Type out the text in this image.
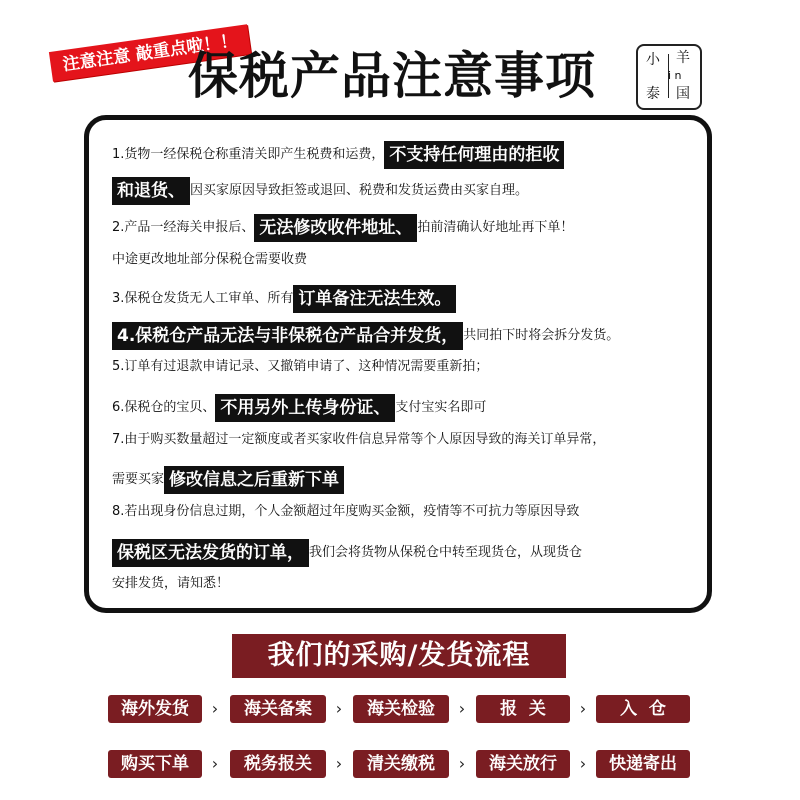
注意注意 敲重点啦！！
保税产品注意事项	小 羊
i n
泰 国
1.货物一经保税仓称重清关即产生税费和运费， 不支持任何理由的拒收
和退货、 因买家原因导致拒签或退回、税费和发货运费由买家自理。
2.产品一经海关申报后、 无法修改收件地址、 拍前清确认好地址再下单！
中途更改地址部分保税仓需要收费
3.保税仓发货无人工审单、所有 订单备注无法生效。
4.保税仓产品无法与非保税仓产品合并发货， 共同拍下时将会拆分发货。
5.订单有过退款申请记录、又撤销申请了、这种情况需要重新拍；
6.保税仓的宝贝、 不用另外上传身份证、 支付宝实名即可
7.由于购买数量超过一定额度或者买家收件信息异常等个人原因导致的海关订单异常，
需要买家 修改信息之后重新下单
8.若出现身份信息过期，个人金额超过年度购买金额，疫情等不可抗力等原因导致
保税区无法发货的订单， 我们会将货物从保税仓中转至现货仓，从现货仓
安排发货，请知悉！
我们的采购/发货流程
海外发货	›	海关备案	›	海关检验	›	报  关	›	入  仓
购买下单	›	税务报关	›	清关缴税	›	海关放行	›	快递寄出
